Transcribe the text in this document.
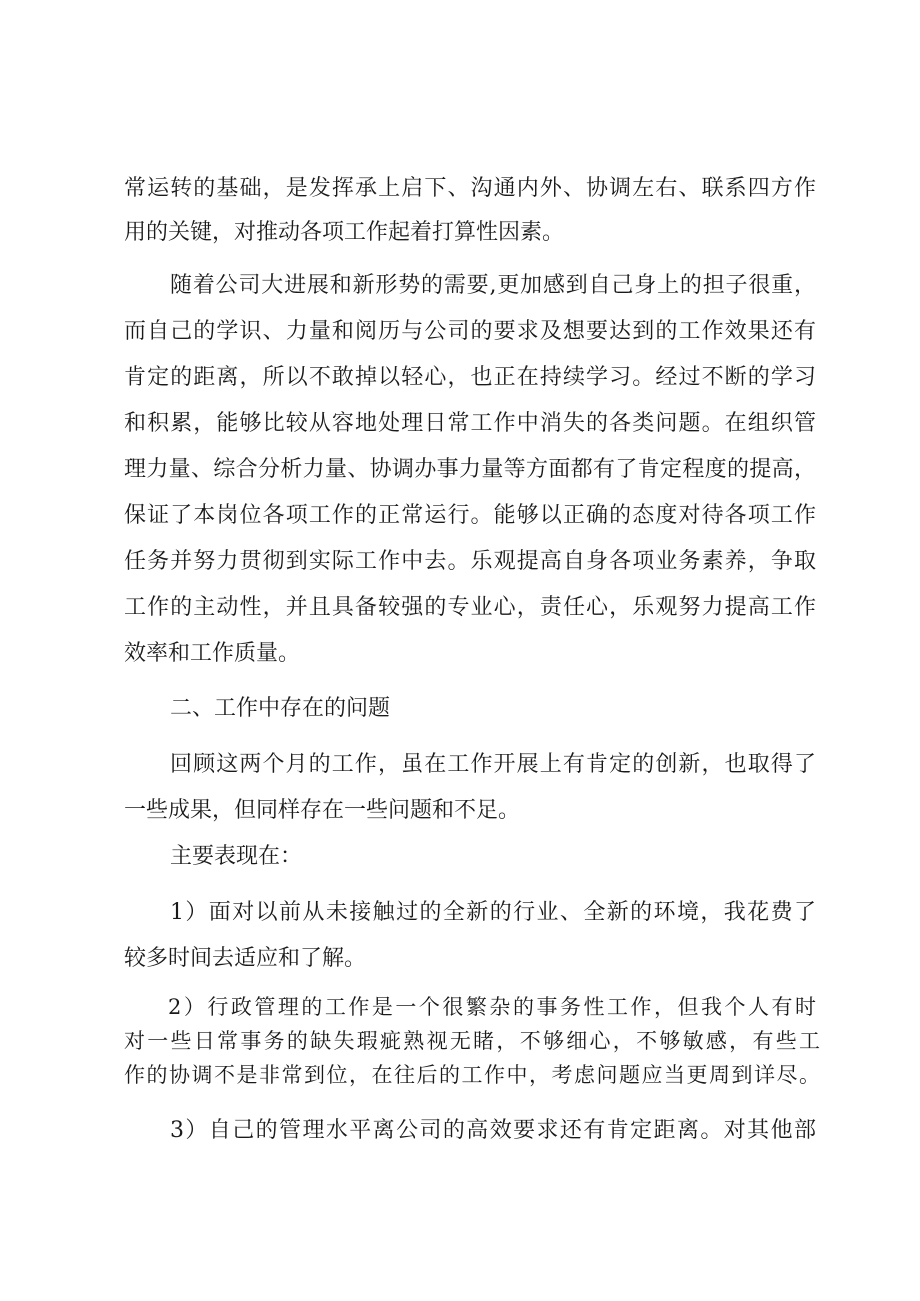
常运转的基础，是发挥承上启下、沟通内外、协调左右、联系四方作
用的关键，对推动各项工作起着打算性因素。
随着公司大进展和新形势的需要,更加感到自己身上的担子很重，
而自己的学识、力量和阅历与公司的要求及想要达到的工作效果还有
肯定的距离，所以不敢掉以轻心，也正在持续学习。经过不断的学习
和积累，能够比较从容地处理日常工作中消失的各类问题。在组织管
理力量、综合分析力量、协调办事力量等方面都有了肯定程度的提高，
保证了本岗位各项工作的正常运行。能够以正确的态度对待各项工作
任务并努力贯彻到实际工作中去。乐观提高自身各项业务素养，争取
工作的主动性，并且具备较强的专业心，责任心，乐观努力提高工作
效率和工作质量。
二、工作中存在的问题
回顾这两个月的工作，虽在工作开展上有肯定的创新，也取得了
一些成果，但同样存在一些问题和不足。
主要表现在：
1）面对以前从未接触过的全新的行业、全新的环境，我花费了
较多时间去适应和了解。
2）行政管理的工作是一个很繁杂的事务性工作，但我个人有时
对一些日常事务的缺失瑕疵熟视无睹，不够细心，不够敏感，有些工
作的协调不是非常到位，在往后的工作中，考虑问题应当更周到详尽。
3）自己的管理水平离公司的高效要求还有肯定距离。对其他部
